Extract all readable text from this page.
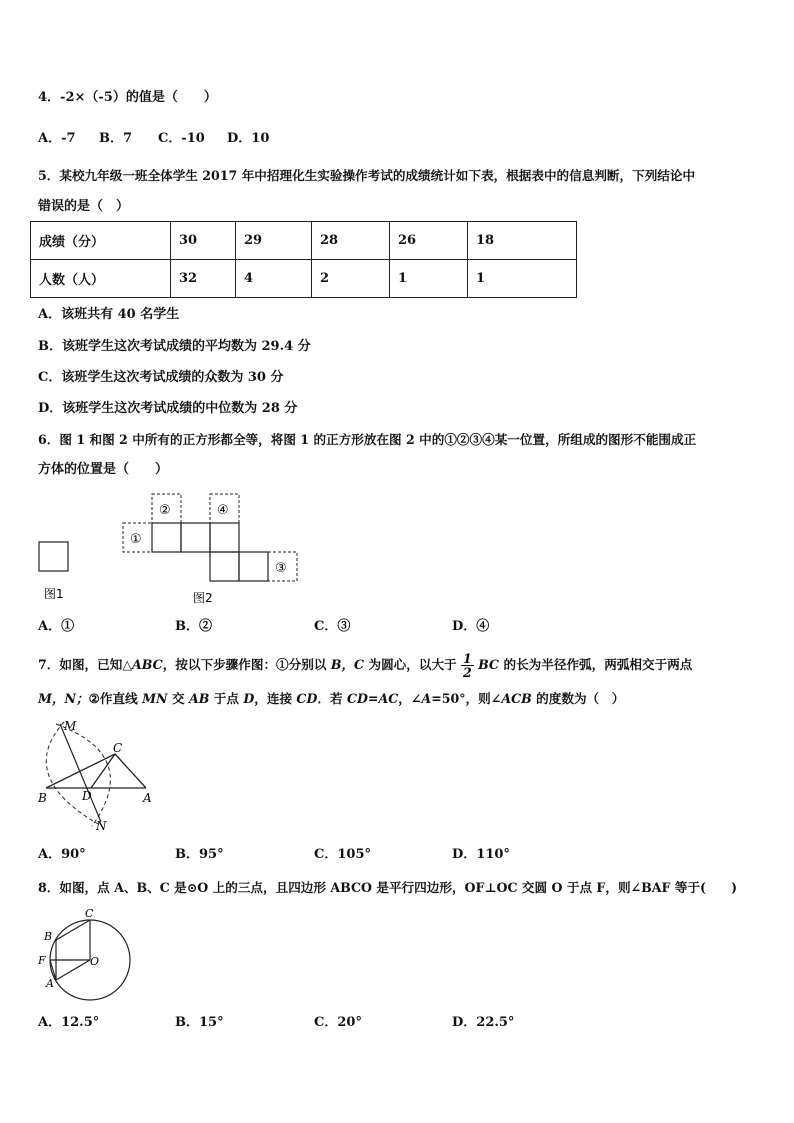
4．-2×（-5）的值是（　　）
A．-7 B．7 C．-10 D．10
5．某校九年级一班全体学生 2017 年中招理化生实验操作考试的成绩统计如下表，根据表中的信息判断，下列结论中
错误的是（　）
成绩（分）	30	29	28	26	18
人数（人）	32	4	2	1	1
A．该班共有 40 名学生
B．该班学生这次考试成绩的平均数为 29.4 分
C．该班学生这次考试成绩的众数为 30 分
D．该班学生这次考试成绩的中位数为 28 分
6．图 1 和图 2 中所有的正方形都全等，将图 1 的正方形放在图 2 中的①②③④某一位置，所组成的图形不能围成正
方体的位置是（　　）
图1
①
②	④
③
图2
A．①	B．②	C．③	D．④
7．如图，已知△ABC，按以下步骤作图：①分别以 B，C 为圆心，以大于 $\frac{1}{2}$ BC 的长为半径作弧，两弧相交于两点
M，N；②作直线 MN 交 AB 于点 D，连接 CD．若 CD=AC，∠A=50°，则∠ACB 的度数为（　）
M
C
B	D	A
N
A．90°	B．95°	C．105°	D．110°
8．如图，点 A、B、C 是⊙O 上的三点，且四边形 ABCO 是平行四边形，OF⊥OC 交圆 O 于点 F，则∠BAF 等于(　　)
C
B
F	O
A
A．12.5°	B．15°	C．20°	D．22.5°
